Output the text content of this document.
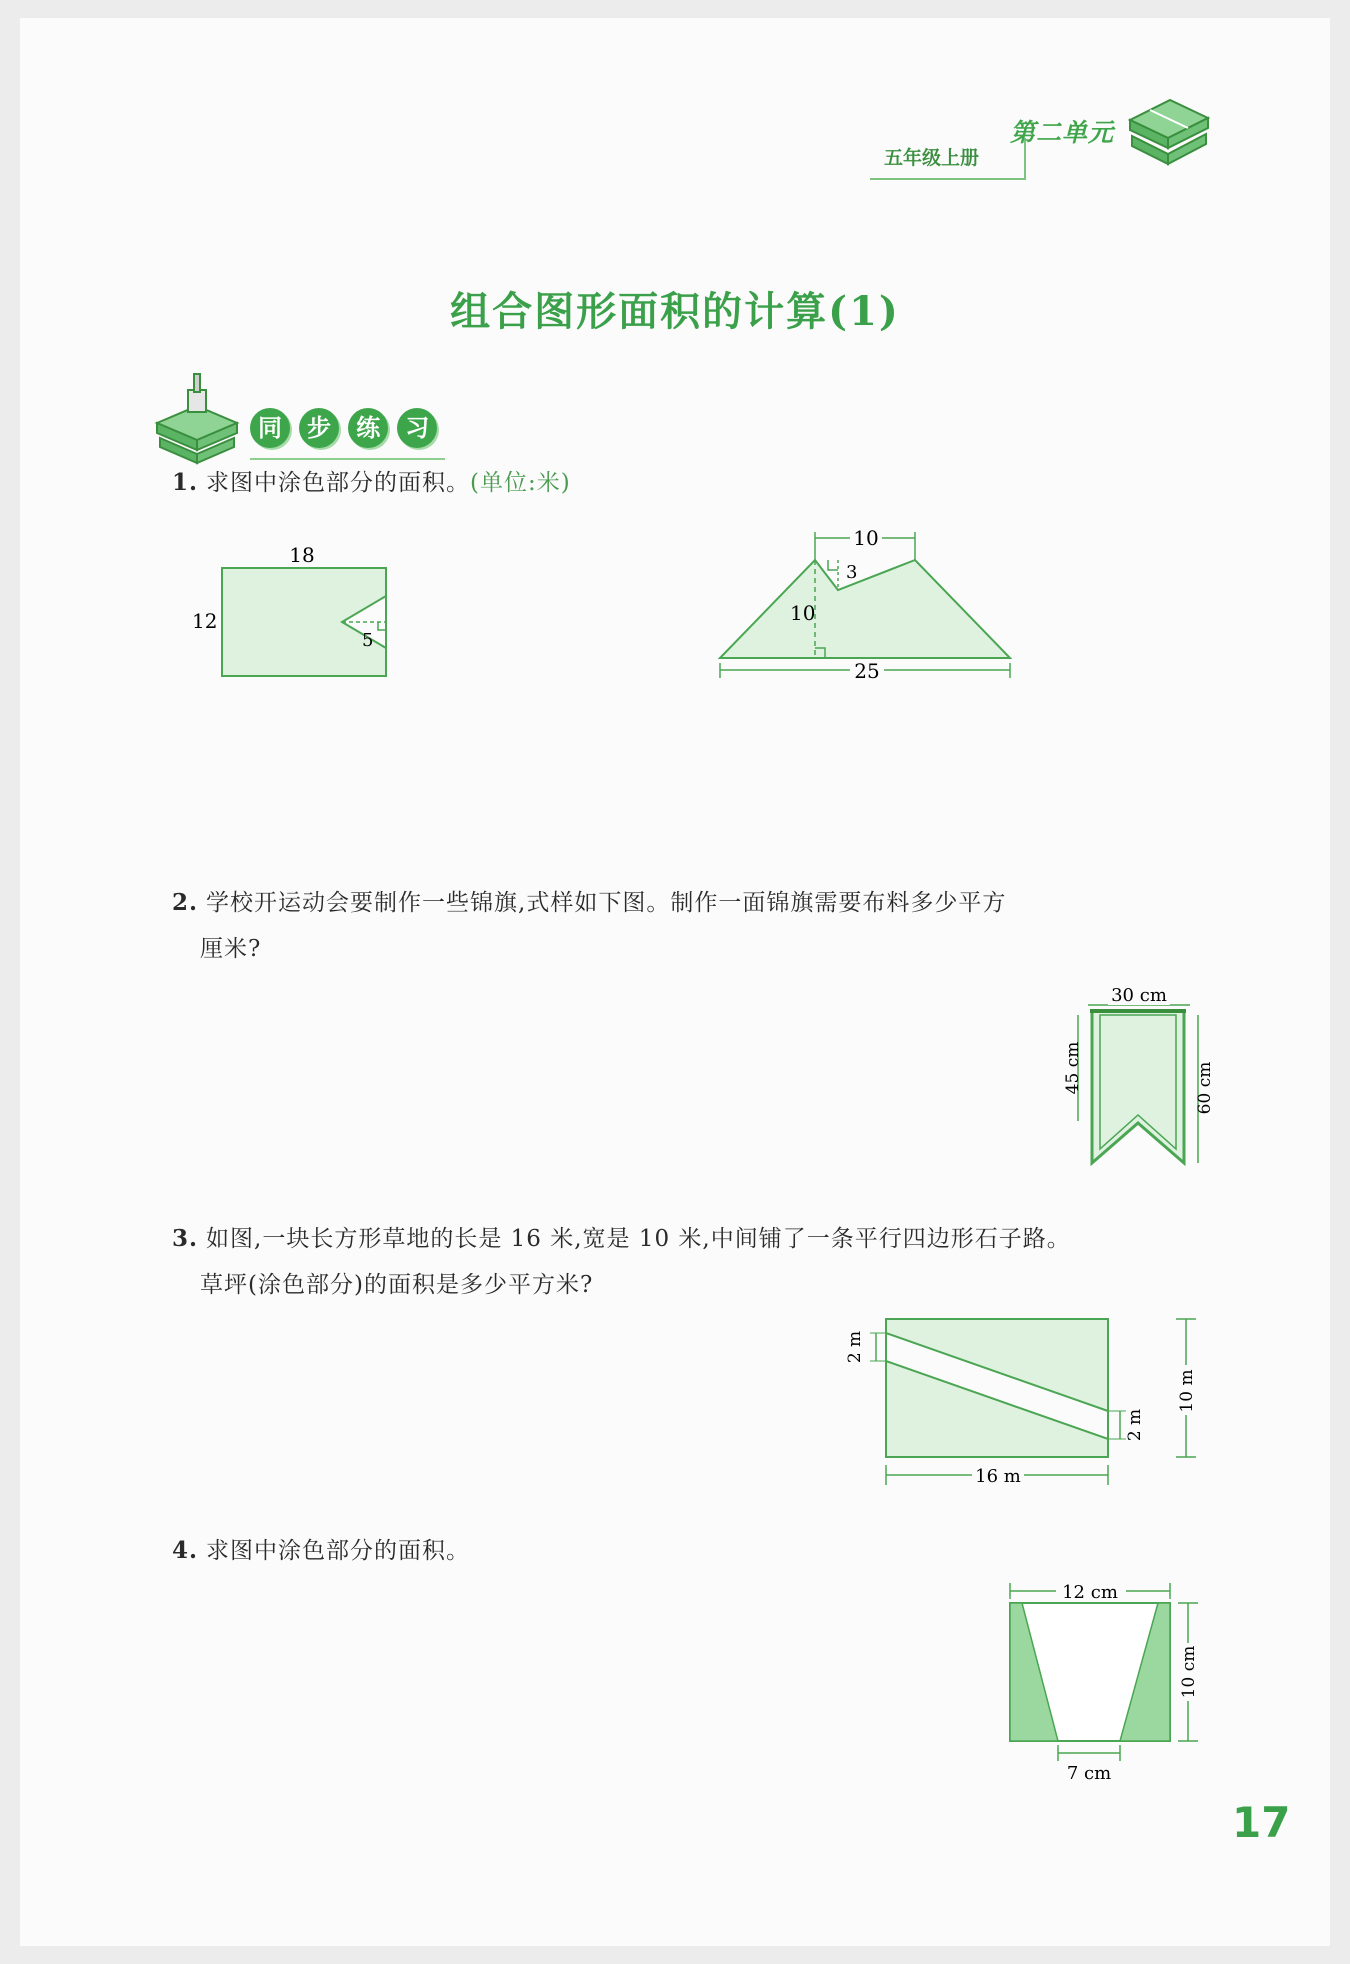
五年级上册
第二单元
组合图形面积的计算(1)
同 步 练 习
1. 求图中涂色部分的面积。(单位:米)
18
12
5
10
3
10
25
2. 学校开运动会要制作一些锦旗,式样如下图。制作一面锦旗需要布料多少平方
厘米?
30 cm
45 cm	60 cm
3. 如图,一块长方形草地的长是 16 米,宽是 10 米,中间铺了一条平行四边形石子路。
草坪(涂色部分)的面积是多少平方米?
2 m
2 m
10 m
16 m
4. 求图中涂色部分的面积。
12 cm
10 cm
7 cm
17
